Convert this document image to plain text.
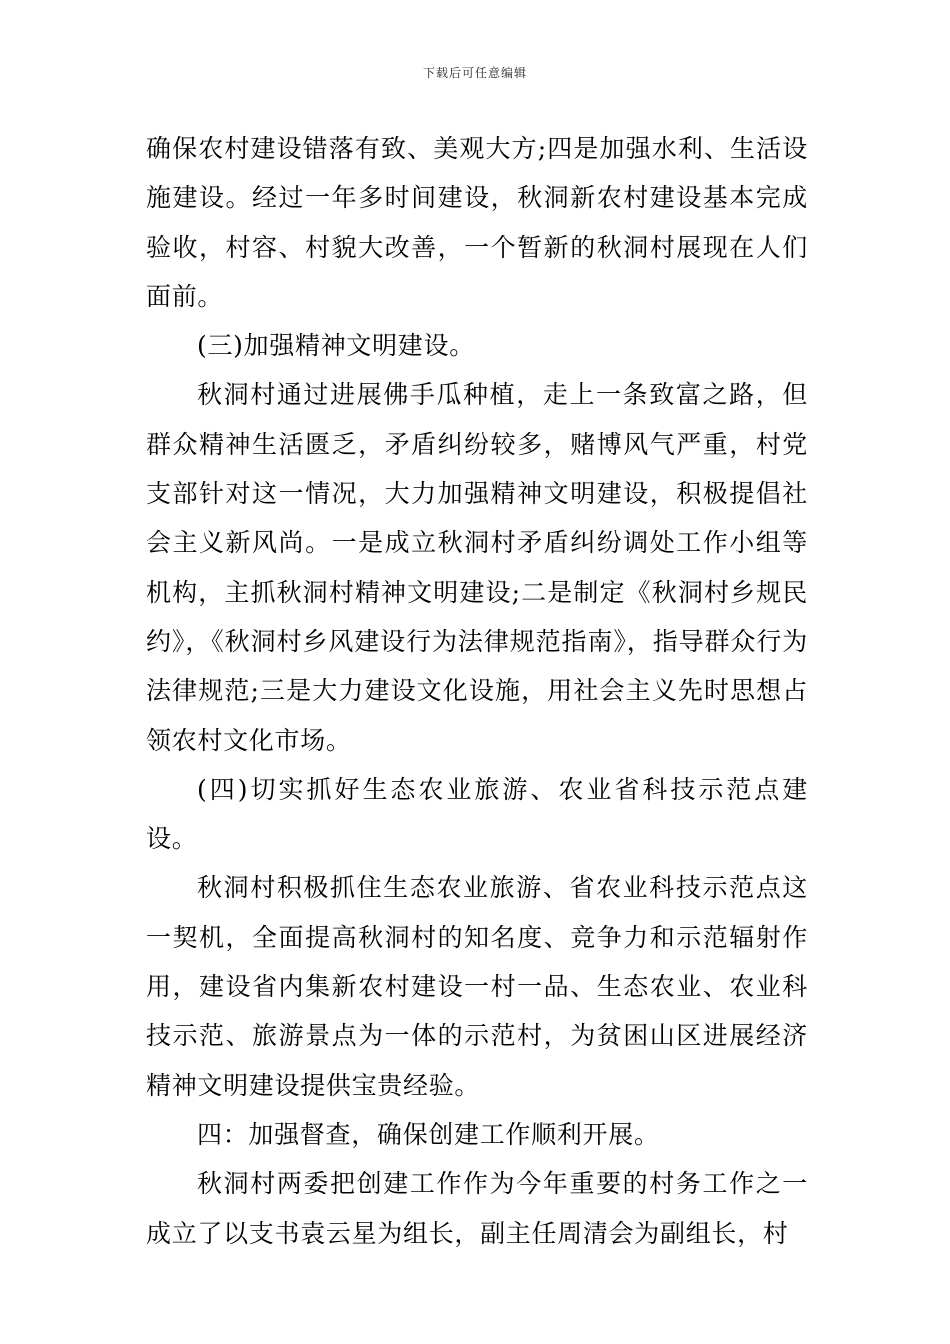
下载后可任意编辑

确保农村建设错落有致、美观大方;四是加强水利、生活设施建设。经过一年多时间建设，秋洞新农村建设基本完成验收，村容、村貌大改善，一个暂新的秋洞村展现在人们面前。

(三)加强精神文明建设。

秋洞村通过进展佛手瓜种植，走上一条致富之路，但群众精神生活匮乏，矛盾纠纷较多，赌博风气严重，村党支部针对这一情况，大力加强精神文明建设，积极提倡社会主义新风尚。一是成立秋洞村矛盾纠纷调处工作小组等机构，主抓秋洞村精神文明建设;二是制定《秋洞村乡规民约》，《秋洞村乡风建设行为法律规范指南》，指导群众行为法律规范;三是大力建设文化设施，用社会主义先时思想占领农村文化市场。

(四)切实抓好生态农业旅游、农业省科技示范点建设。

秋洞村积极抓住生态农业旅游、省农业科技示范点这一契机，全面提高秋洞村的知名度、竞争力和示范辐射作用，建设省内集新农村建设一村一品、生态农业、农业科技示范、旅游景点为一体的示范村，为贫困山区进展经济精神文明建设提供宝贵经验。

四：加强督查，确保创建工作顺利开展。

秋洞村两委把创建工作作为今年重要的村务工作之一成立了以支书袁云星为组长，副主任周清会为副组长，村
